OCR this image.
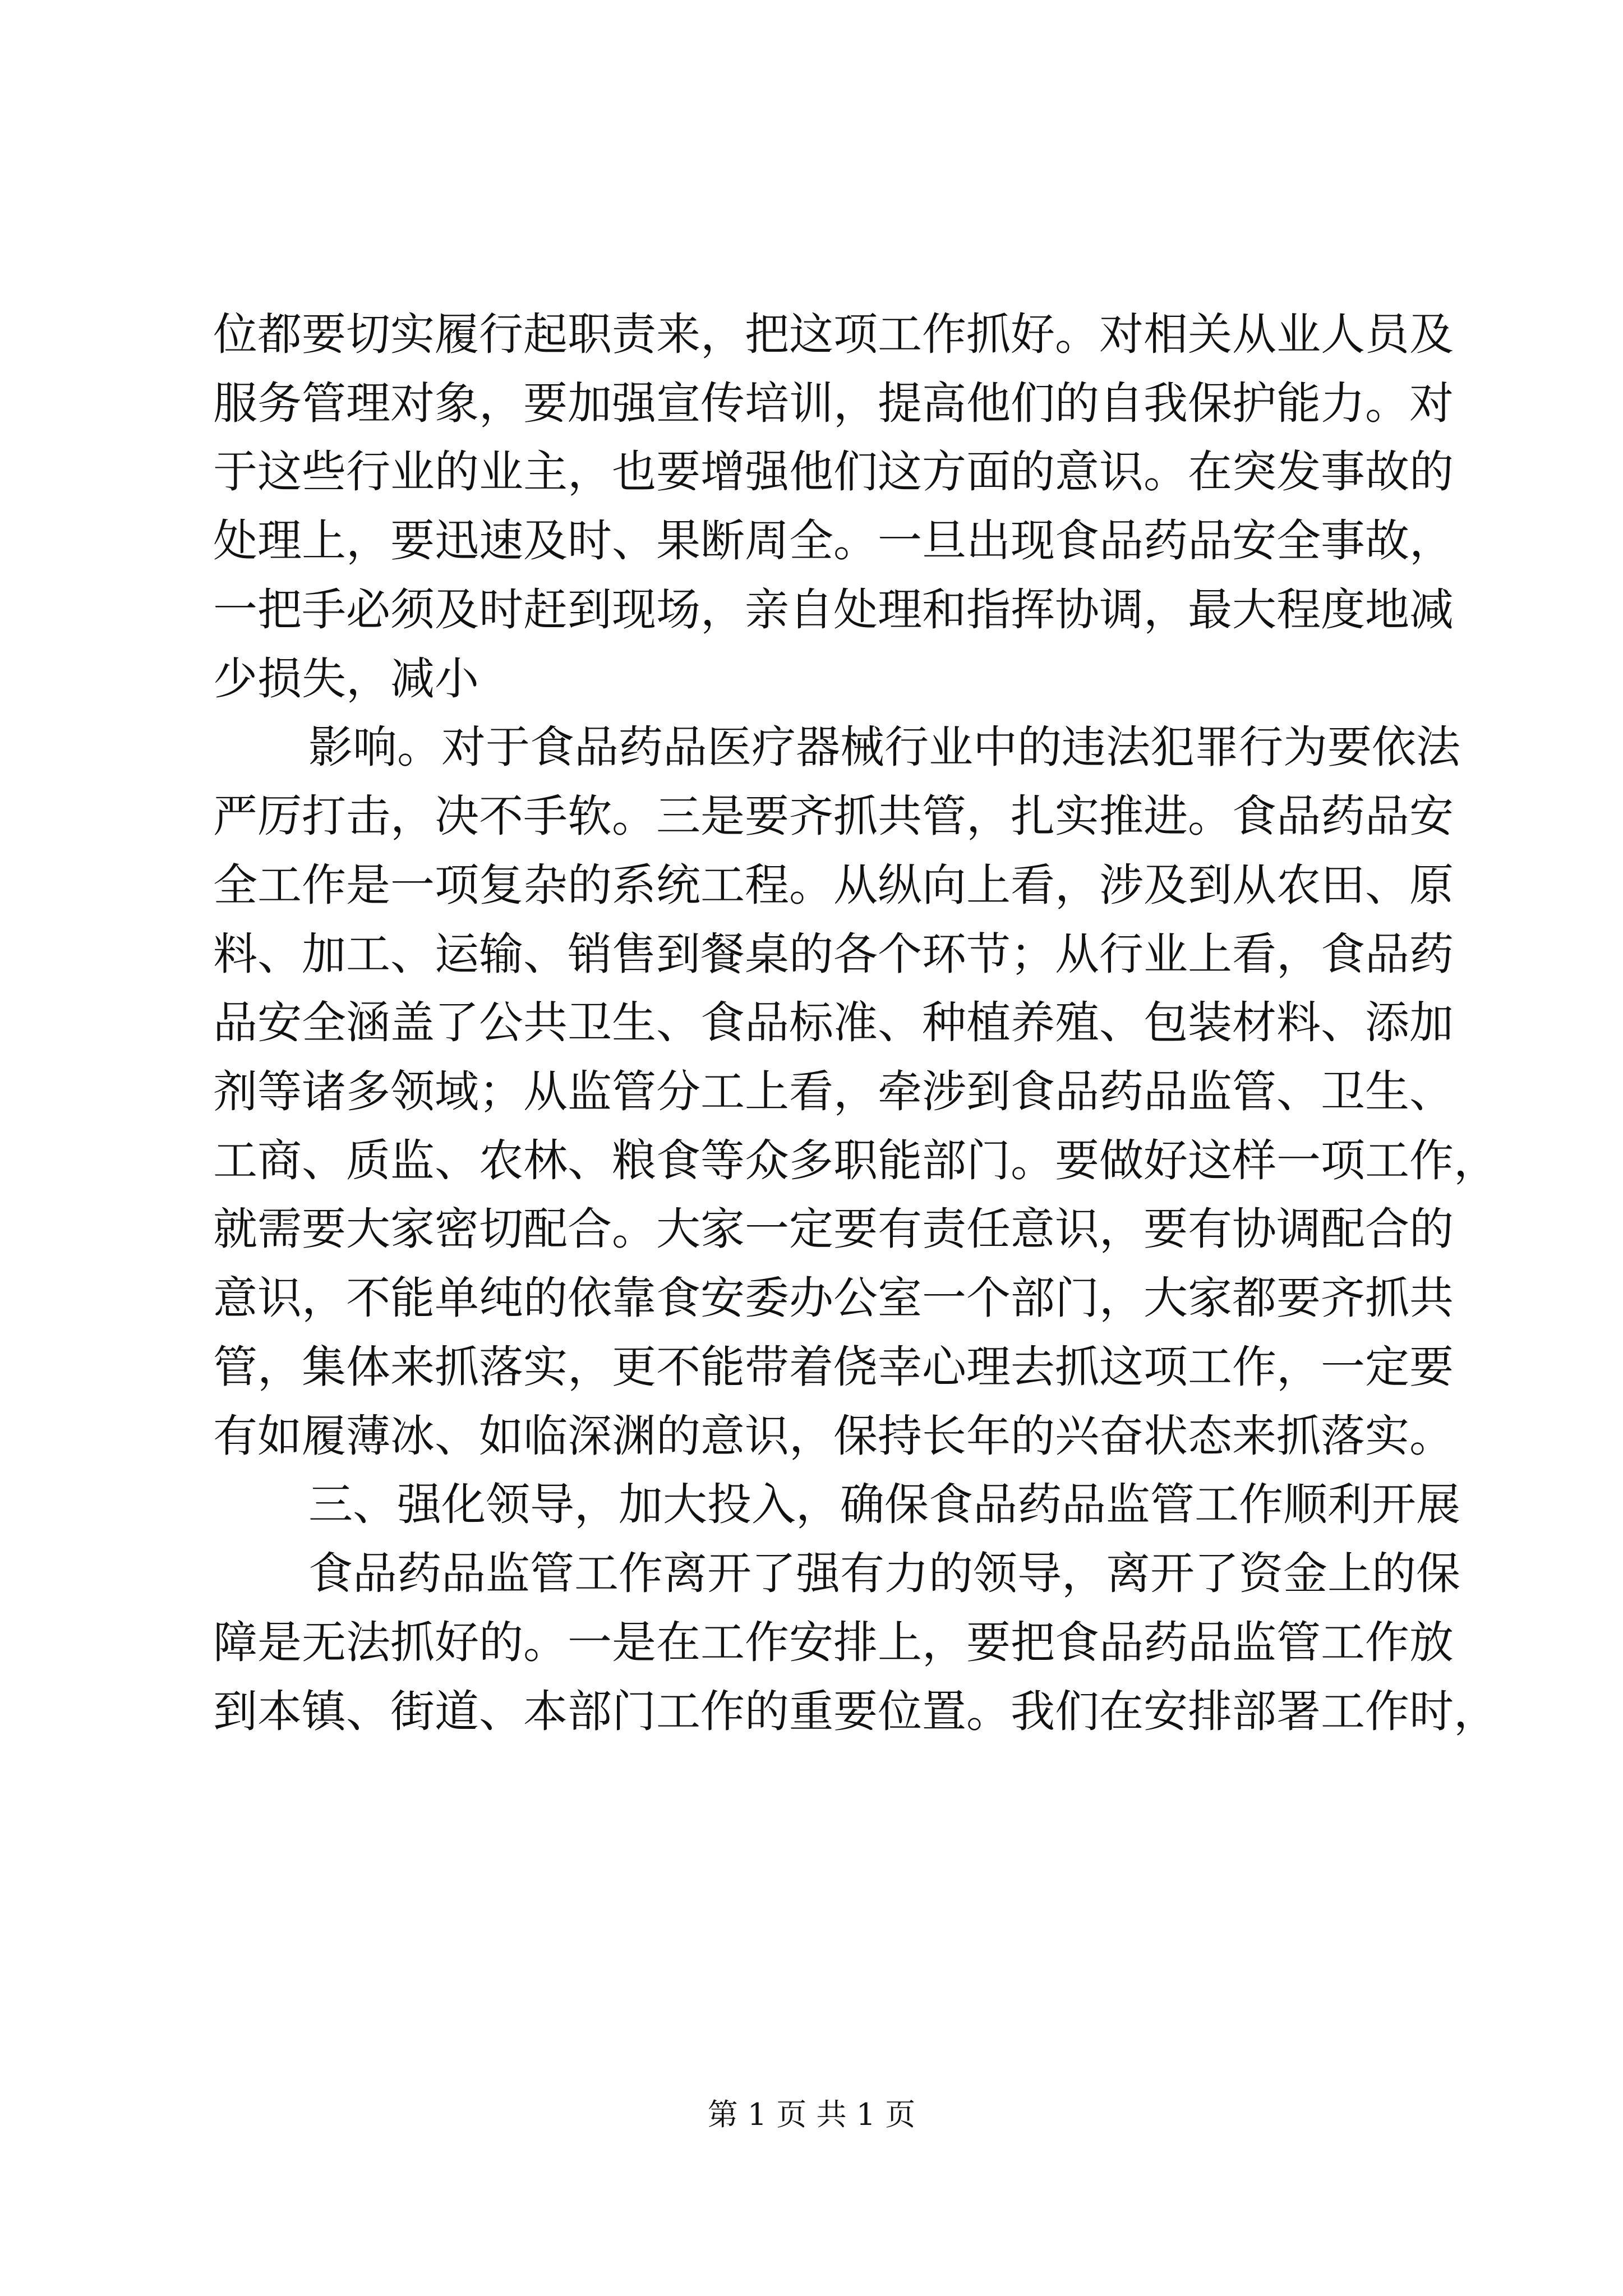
位都要切实履行起职责来，把这项工作抓好。对相关从业人员及
服务管理对象，要加强宣传培训，提高他们的自我保护能力。对
于这些行业的业主，也要增强他们这方面的意识。在突发事故的
处理上，要迅速及时、果断周全。一旦出现食品药品安全事故，
一把手必须及时赶到现场，亲自处理和指挥协调，最大程度地减
少损失，减小
影响。对于食品药品医疗器械行业中的违法犯罪行为要依法
严厉打击，决不手软。三是要齐抓共管，扎实推进。食品药品安
全工作是一项复杂的系统工程。从纵向上看，涉及到从农田、原
料、加工、运输、销售到餐桌的各个环节；从行业上看，食品药
品安全涵盖了公共卫生、食品标准、种植养殖、包装材料、添加
剂等诸多领域；从监管分工上看，牵涉到食品药品监管、卫生、
工商、质监、农林、粮食等众多职能部门。要做好这样一项工作，
就需要大家密切配合。大家一定要有责任意识，要有协调配合的
意识，不能单纯的依靠食安委办公室一个部门，大家都要齐抓共
管，集体来抓落实，更不能带着侥幸心理去抓这项工作，一定要
有如履薄冰、如临深渊的意识，保持长年的兴奋状态来抓落实。
三、强化领导，加大投入，确保食品药品监管工作顺利开展
食品药品监管工作离开了强有力的领导，离开了资金上的保
障是无法抓好的。一是在工作安排上，要把食品药品监管工作放
到本镇、街道、本部门工作的重要位置。我们在安排部署工作时，
第 1 页 共 1 页
